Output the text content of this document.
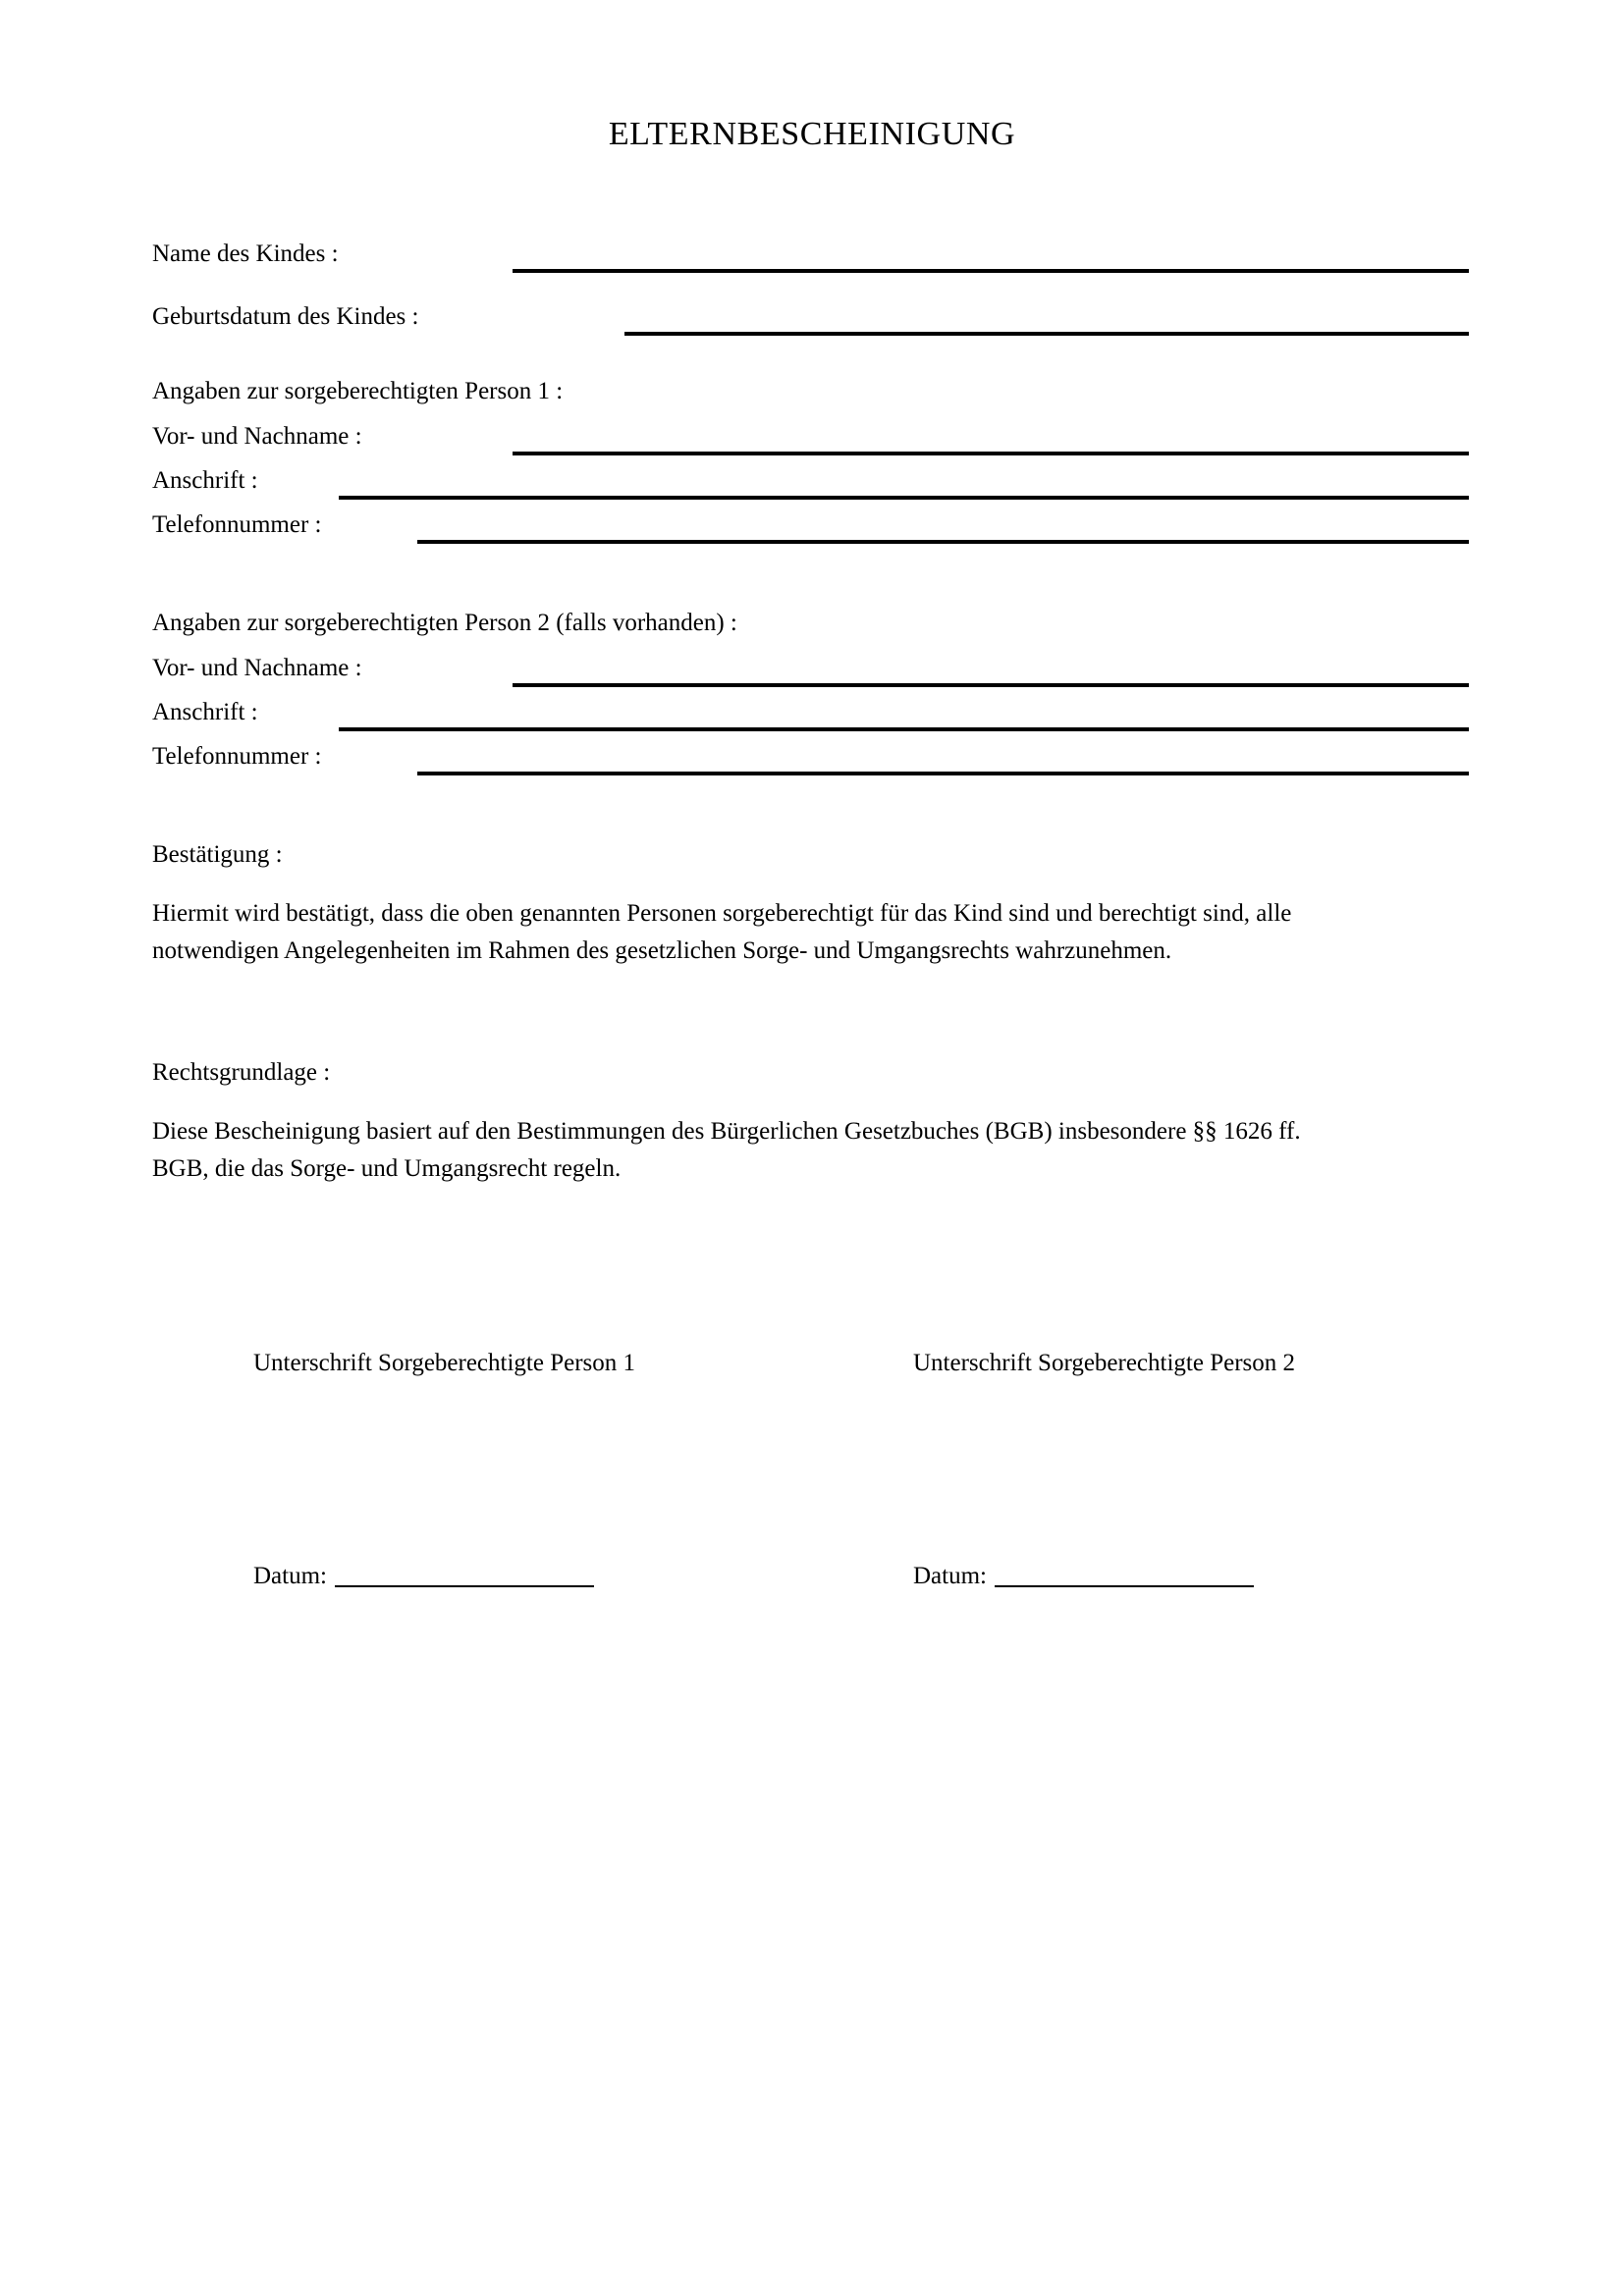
ELTERNBESCHEINIGUNG
Name des Kindes :
Geburtsdatum des Kindes :
Angaben zur sorgeberechtigten Person 1 :
Vor- und Nachname :
Anschrift :
Telefonnummer :
Angaben zur sorgeberechtigten Person 2 (falls vorhanden) :
Vor- und Nachname :
Anschrift :
Telefonnummer :
Bestätigung :
Hiermit wird bestätigt, dass die oben genannten Personen sorgeberechtigt für das Kind sind und berechtigt sind, alle
notwendigen Angelegenheiten im Rahmen des gesetzlichen Sorge- und Umgangsrechts wahrzunehmen.
Rechtsgrundlage :
Diese Bescheinigung basiert auf den Bestimmungen des Bürgerlichen Gesetzbuches (BGB) insbesondere §§ 1626 ff.
BGB, die das Sorge- und Umgangsrecht regeln.
Unterschrift Sorgeberechtigte Person 1	Unterschrift Sorgeberechtigte Person 2
Datum:	Datum:
